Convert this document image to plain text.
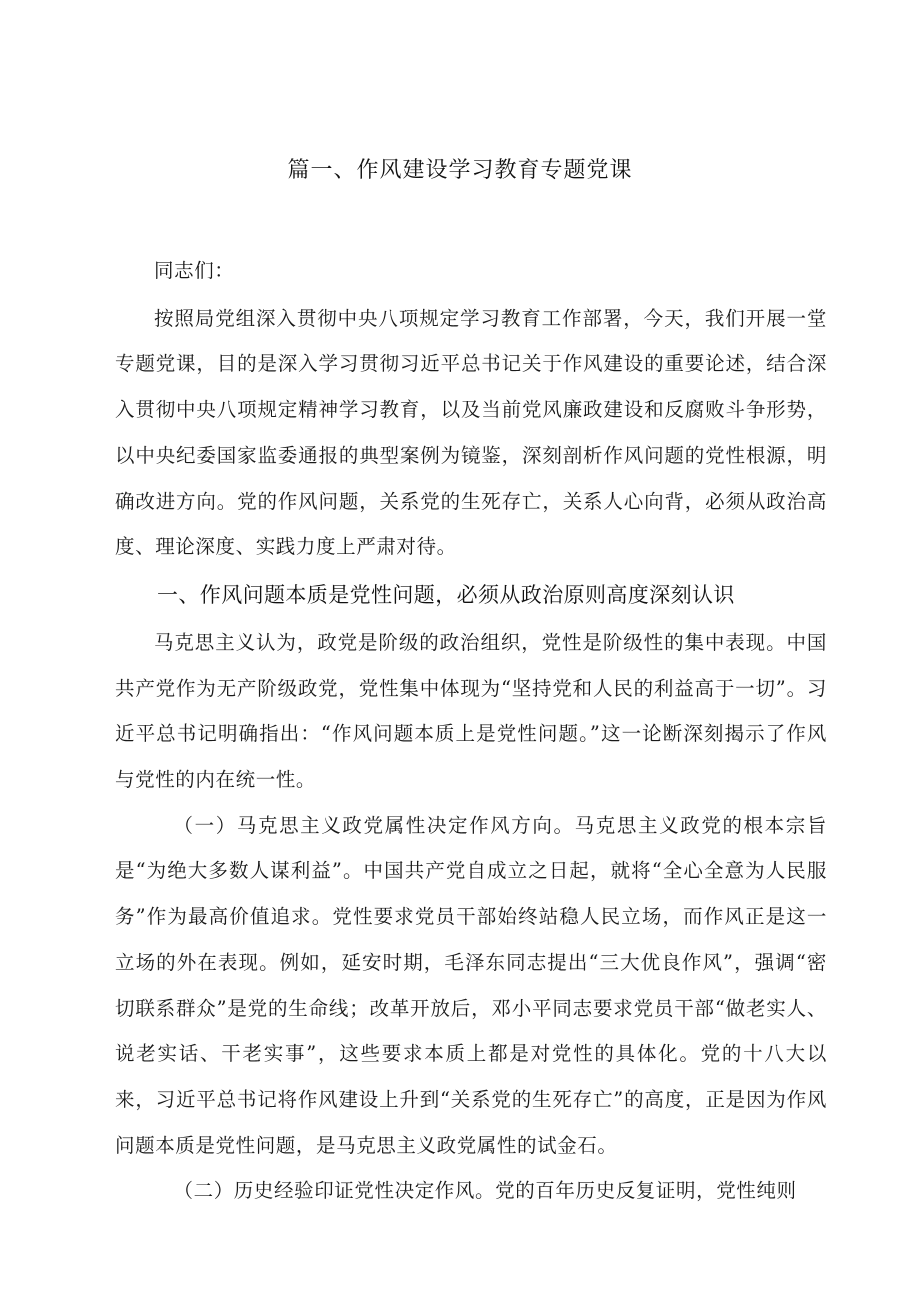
篇一、作风建设学习教育专题党课

同志们：

按照局党组深入贯彻中央八项规定学习教育工作部署，今天，我们开展一堂专题党课，目的是深入学习贯彻习近平总书记关于作风建设的重要论述，结合深入贯彻中央八项规定精神学习教育，以及当前党风廉政建设和反腐败斗争形势，以中央纪委国家监委通报的典型案例为镜鉴，深刻剖析作风问题的党性根源，明确改进方向。党的作风问题，关系党的生死存亡，关系人心向背，必须从政治高度、理论深度、实践力度上严肃对待。

一、作风问题本质是党性问题，必须从政治原则高度深刻认识

马克思主义认为，政党是阶级的政治组织，党性是阶级性的集中表现。中国共产党作为无产阶级政党，党性集中体现为“坚持党和人民的利益高于一切”。习近平总书记明确指出：“作风问题本质上是党性问题。”这一论断深刻揭示了作风与党性的内在统一性。

（一）马克思主义政党属性决定作风方向。马克思主义政党的根本宗旨是“为绝大多数人谋利益”。中国共产党自成立之日起，就将“全心全意为人民服务”作为最高价值追求。党性要求党员干部始终站稳人民立场，而作风正是这一立场的外在表现。例如，延安时期，毛泽东同志提出“三大优良作风”，强调“密切联系群众”是党的生命线；改革开放后，邓小平同志要求党员干部“做老实人、说老实话、干老实事”，这些要求本质上都是对党性的具体化。党的十八大以来，习近平总书记将作风建设上升到“关系党的生死存亡”的高度，正是因为作风问题本质是党性问题，是马克思主义政党属性的试金石。

（二）历史经验印证党性决定作风。党的百年历史反复证明，党性纯则
